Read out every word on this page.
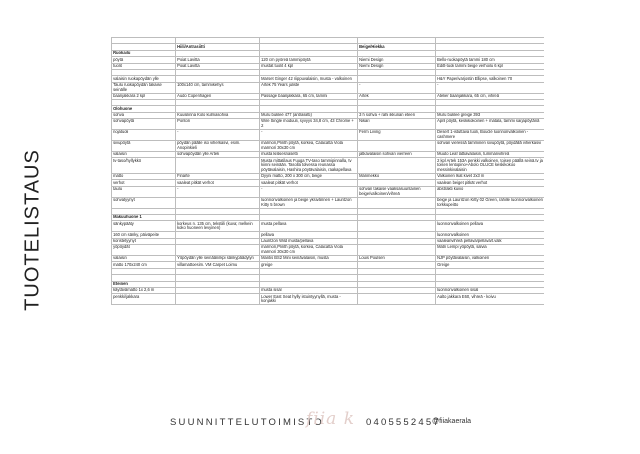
TUOTELISTAUS

	Hiili/Antrasiitti		Beige/Hiekka	
Ruokailu				
pöytä	Poiat Lavitta	120 cm pyöreä tammipöytä	Niemi Design	Bello-ruokapöytä tammi 180 cm
tuolit	Poiat Lavitta	mustat tuolit 4 kpl	Niemi Design	Editt-tuoli tammi beige verhoilu 6 kpl

valaisin ruokapöydän ylle		Marset Ginger 42 riippuvalaisin, musta - valkoinen		H&Y Paperivarjostin Ellipse, valkoinen 70
Taulu ruokapöydän takaise seinälle	100x140 cm, tammikehys	Artek 75 Years juliste	-	-
baarijakkara 2 kpl	Audo Copenhagen	Passage baarijakkara, 65 cm, tammi	Artek	Atelier baarijakkara, 65 cm, vihreä

Olohuone				
sohva	Kuusilinna Kolo kulmasohva	Muru bukleé 477 (antrasiitti)	3 h sohva + rahi ikkunan eteen	Muru bukleé greige 393
sohvapöytä	Ponton	Wire Single moduuli, syvyys 34,8 cm, 43 Chrome + 2	Nikari	April pöytä, keskikokoinen + matala, tammi sarjapöytänä
nojatuoli	-	-	Ferm Living	Desert 1-istuttava tuoli, Bouclé luonnonvalkoinen - cashmere
sivupöytä	pöydän päälle iso viherkasvi, esim. Anopinkieli	marmori,Plinth pöytä, korkea, Calacatta Viola marmori 30x30 cm		sohvan vieressä tamminen sivupöytä, pöydällä viherkasvi
valaisin	sohvapöydän ylle Artek	musta kiskiesnasetti	jatkavalaisin sohvan vierreen	Muuto Leaf lattiavalaisin, tummanvihreä
tv-taso/hyllykkö		Musta mittatilaus Fuuga TV-taso tammipinnalla, tv kiinni seinään. Tasolla tolvessa reunassa pöytävalaisin, Hashira pöytävalaisin, raakapellava		2 kpl Artek 153A penkki valkoinen, toisen päällä seinä.tv ja toisen lentopino+Abolo OLUCE keskikokoo messinkivalaisin
matto	Finarte	Dyyni matto, 200 x 300 cm, beige	Marimekko	Valkoinen Ikat kivet 2x3 m
verhot	vaaleat pitkät verhot	vaaleat pitkät verhot		vaalean beiget pitkät verhot
taulu	-	-	sohvan takaise vaaksasuuntainen beige/valkoinen/vihreä	abstrakti kuvio
sohvatyynyt		luonnonvalkoinen ja beige yksivärinen + Lauritzon Kitty 5 brown		beige ja Lauritzon Kitty 02 Green, rahille luonnonvalkoinen torkkupeitto

Makuuhuone 1				
sänkypääty	korkeus n. 135 cm, tekstiili (kuva; melkein koko huoneen levyinen)	musta pellava		luonnonvalkoinen pellava
160 cm sänky, päiväpeite		pellava		luonnonvalkoinen
koristetyynyt		Lauritzon Wild musta/pellava		vaaleanvihreä pellava/pellava/t.valk
yöpöydät		marmori,Plinth pöytä, korkea, Calacatta Viola marmori 30x30 cm		Matri Lempi yöpöytä, salvia
valaisin	Yöpöydän ylle seinään/ikpi sänkypäädylyn	Mantis BS2 Mini seinävalaisin, musta	Louis Poulsen	NJP pöytävalaisin, valkoinen
matto 170x240 cm	villamattoesim. VM Carpet Loimu	greige		Greige

Eteinen				
käytävämatto 1x 2,6 m		musta sisal		luonnonvalkoinen sisal
penkki/jakkara		Lower East Seat hylly istuintyynyllä, musta - konjakki		Aalto jakkara E60, vihreä - koivu
SUUNNITTELUTOIMISTO
fiia k 0405552457
@fiiakaerala
